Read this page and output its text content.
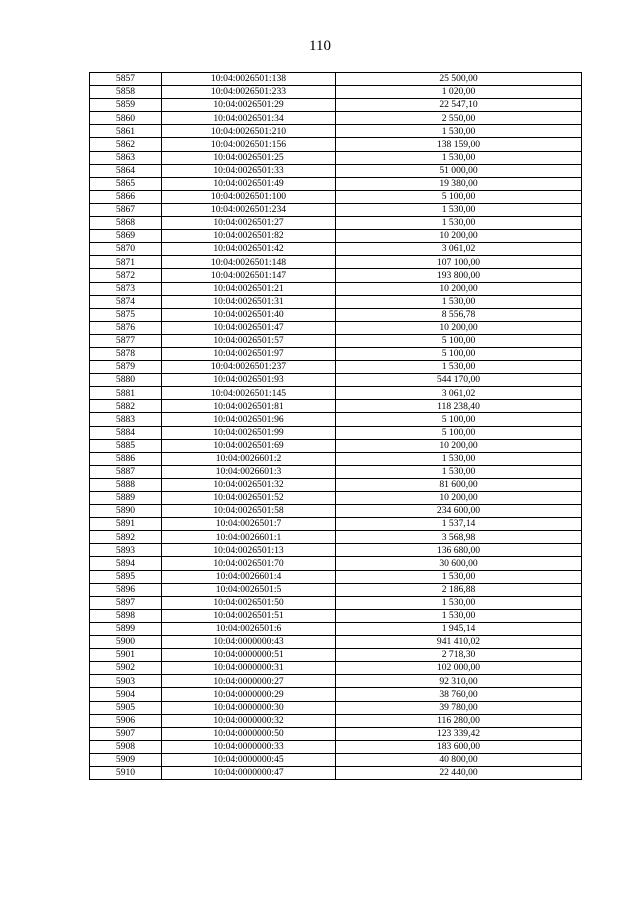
110
5857	10:04:0026501:138	25 500,00
5858	10:04:0026501:233	1 020,00
5859	10:04:0026501:29	22 547,10
5860	10:04:0026501:34	2 550,00
5861	10:04:0026501:210	1 530,00
5862	10:04:0026501:156	138 159,00
5863	10:04:0026501:25	1 530,00
5864	10:04:0026501:33	51 000,00
5865	10:04:0026501:49	19 380,00
5866	10:04:0026501:100	5 100,00
5867	10:04:0026501:234	1 530,00
5868	10:04:0026501:27	1 530,00
5869	10:04:0026501:82	10 200,00
5870	10:04:0026501:42	3 061,02
5871	10:04:0026501:148	107 100,00
5872	10:04:0026501:147	193 800,00
5873	10:04:0026501:21	10 200,00
5874	10:04:0026501:31	1 530,00
5875	10:04:0026501:40	8 556,78
5876	10:04:0026501:47	10 200,00
5877	10:04:0026501:57	5 100,00
5878	10:04:0026501:97	5 100,00
5879	10:04:0026501:237	1 530,00
5880	10:04:0026501:93	544 170,00
5881	10:04:0026501:145	3 061,02
5882	10:04:0026501:81	118 238,40
5883	10:04:0026501:96	5 100,00
5884	10:04:0026501:99	5 100,00
5885	10:04:0026501:69	10 200,00
5886	10:04:0026601:2	1 530,00
5887	10:04:0026601:3	1 530,00
5888	10:04:0026501:32	81 600,00
5889	10:04:0026501:52	10 200,00
5890	10:04:0026501:58	234 600,00
5891	10:04:0026501:7	1 537,14
5892	10:04:0026601:1	3 568,98
5893	10:04:0026501:13	136 680,00
5894	10:04:0026501:70	30 600,00
5895	10:04:0026601:4	1 530,00
5896	10:04:0026501:5	2 186,88
5897	10:04:0026501:50	1 530,00
5898	10:04:0026501:51	1 530,00
5899	10:04:0026501:6	1 945,14
5900	10:04:0000000:43	941 410,02
5901	10:04:0000000:51	2 718,30
5902	10:04:0000000:31	102 000,00
5903	10:04:0000000:27	92 310,00
5904	10:04:0000000:29	38 760,00
5905	10:04:0000000:30	39 780,00
5906	10:04:0000000:32	116 280,00
5907	10:04:0000000:50	123 339,42
5908	10:04:0000000:33	183 600,00
5909	10:04:0000000:45	40 800,00
5910	10:04:0000000:47	22 440,00
